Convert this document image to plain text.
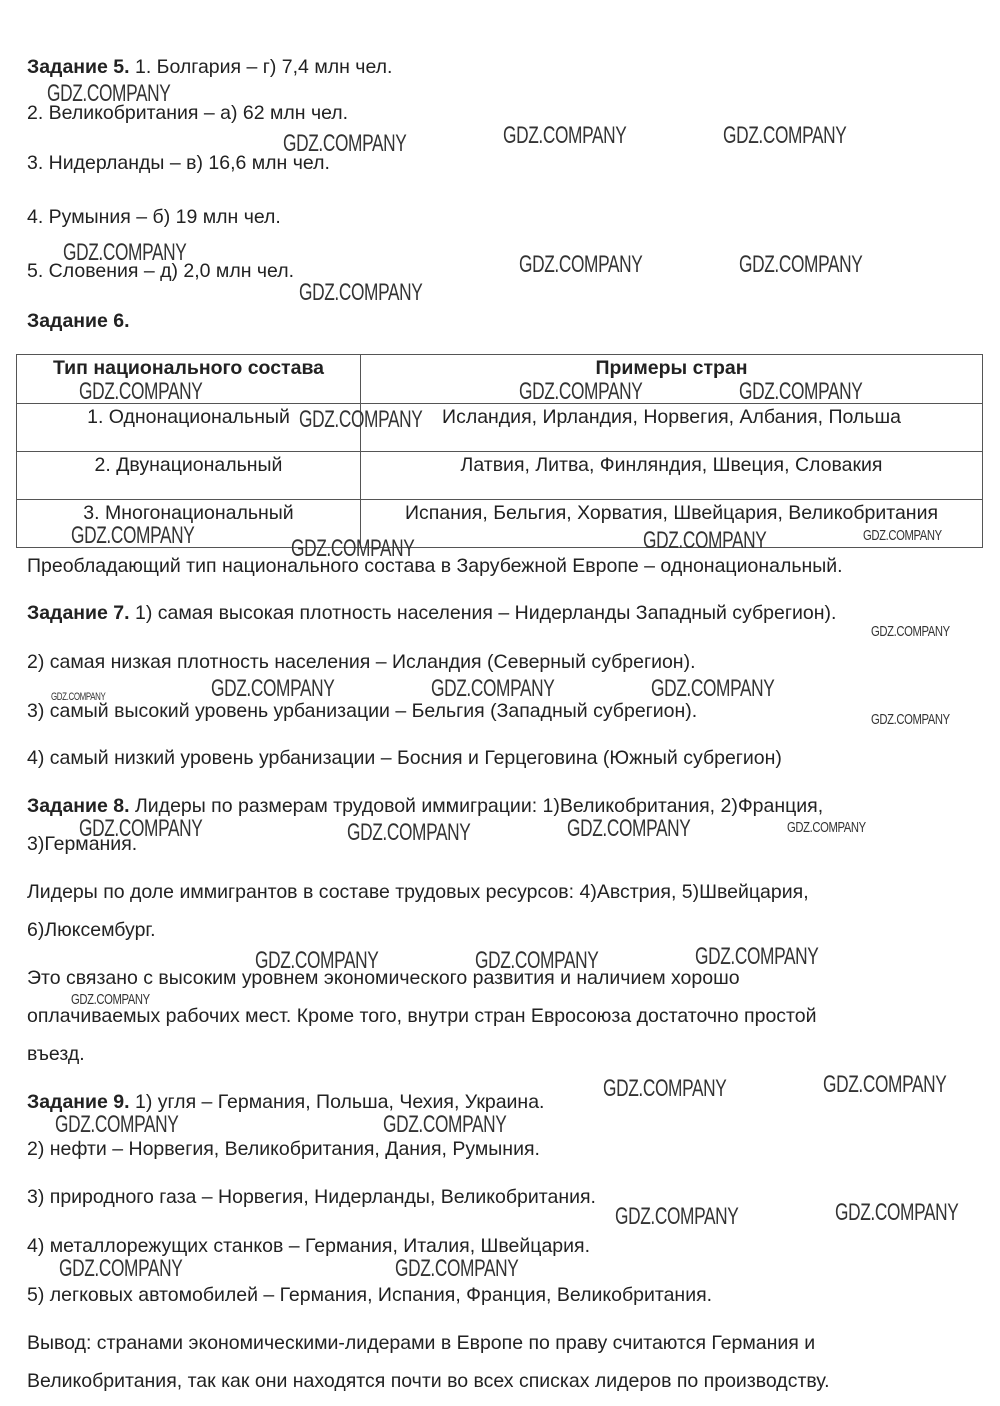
Задание 5. 1. Болгария – г) 7,4 млн чел.
2. Великобритания – а) 62 млн чел.
3. Нидерланды – в) 16,6 млн чел.
4. Румыния – б) 19 млн чел.
5. Словения – д) 2,0 млн чел.
Задание 6.
Тип национального состава	Примеры стран
1. Однонациональный	Исландия, Ирландия, Норвегия, Албания, Польша
2. Двунациональный	Латвия, Литва, Финляндия, Швеция, Словакия
3. Многонациональный	Испания, Бельгия, Хорватия, Швейцария, Великобритания
Преобладающий тип национального состава в Зарубежной Европе – однонациональный.
Задание 7. 1) самая высокая плотность населения – Нидерланды Западный субрегион).
2) самая низкая плотность населения – Исландия (Северный субрегион).
3) самый высокий уровень урбанизации – Бельгия (Западный субрегион).
4) самый низкий уровень урбанизации – Босния и Герцеговина (Южный субрегион)
Задание 8. Лидеры по размерам трудовой иммиграции: 1)Великобритания, 2)Франция,
3)Германия.
Лидеры по доле иммигрантов в составе трудовых ресурсов: 4)Австрия, 5)Швейцария,
6)Люксембург.
Это связано с высоким уровнем экономического развития и наличием хорошо
оплачиваемых рабочих мест. Кроме того, внутри стран Евросоюза достаточно простой
въезд.
Задание 9. 1) угля – Германия, Польша, Чехия, Украина.
2) нефти – Норвегия, Великобритания, Дания, Румыния.
3) природного газа – Норвегия, Нидерланды, Великобритания.
4) металлорежущих станков – Германия, Италия, Швейцария.
5) легковых автомобилей – Германия, Испания, Франция, Великобритания.
Вывод: странами экономическими-лидерами в Европе по праву считаются Германия и
Великобритания, так как они находятся почти во всех списках лидеров по производству.
GDZ.COMPANY
GDZ.COMPANY	GDZ.COMPANY	GDZ.COMPANY
GDZ.COMPANY	GDZ.COMPANY	GDZ.COMPANY
GDZ.COMPANY
GDZ.COMPANY	GDZ.COMPANY	GDZ.COMPANY
GDZ.COMPANY
GDZ.COMPANY	GDZ.COMPANY	GDZ.COMPANY
GDZ.COMPANY
GDZ.COMPANY
GDZ.COMPANY	GDZ.COMPANY	GDZ.COMPANY
GDZ.COMPANY
GDZ.COMPANY
GDZ.COMPANY	GDZ.COMPANY	GDZ.COMPANY
GDZ.COMPANY
GDZ.COMPANY
GDZ.COMPANY	GDZ.COMPANY
GDZ.COMPANY
GDZ.COMPANY
GDZ.COMPANY
GDZ.COMPANY	GDZ.COMPANY
GDZ.COMPANY
GDZ.COMPANY
GDZ.COMPANY	GDZ.COMPANY
